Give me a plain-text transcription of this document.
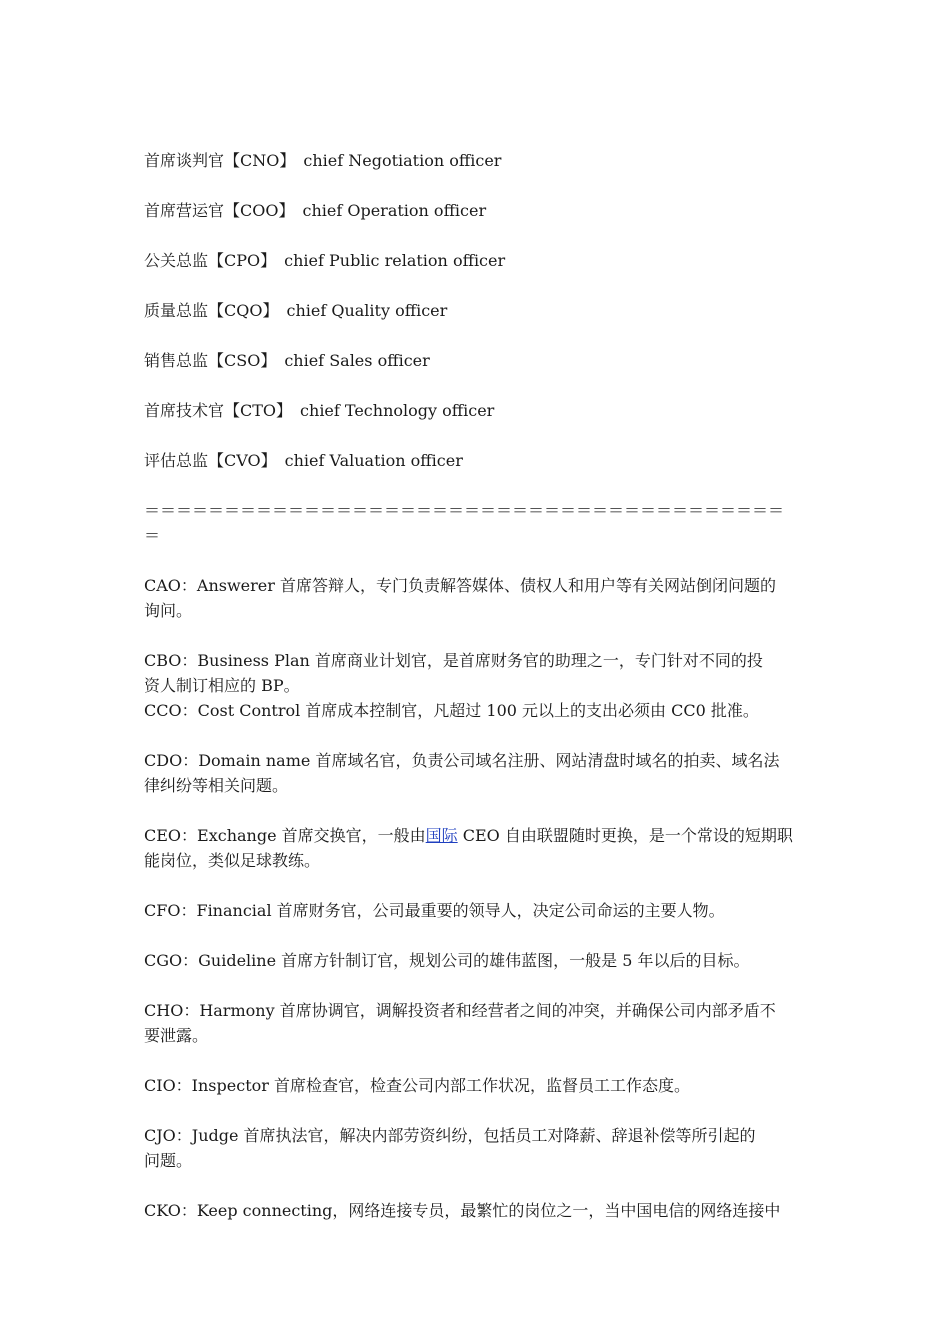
首席谈判官【CNO】 chief Negotiation officer
首席营运官【COO】 chief Operation officer
公关总监【CPO】 chief Public relation officer
质量总监【CQO】 chief Quality officer
销售总监【CSO】 chief Sales officer
首席技术官【CTO】 chief Technology officer
评估总监【CVO】 chief Valuation officer
＝＝＝＝＝＝＝＝＝＝＝＝＝＝＝＝＝＝＝＝＝＝＝＝＝＝＝＝＝＝＝＝＝＝＝＝＝＝＝＝
＝
CAO：Answerer 首席答辩人，专门负责解答媒体、债权人和用户等有关网站倒闭问题的
询问。
CBO：Business Plan 首席商业计划官，是首席财务官的助理之一，专门针对不同的投
资人制订相应的 BP。
CCO：Cost Control 首席成本控制官，凡超过 100 元以上的支出必须由 CC0 批准。
CDO：Domain name 首席域名官，负责公司域名注册、网站清盘时域名的拍卖、域名法
律纠纷等相关问题。
CEO：Exchange 首席交换官，一般由国际 CEO 自由联盟随时更换，是一个常设的短期职
能岗位，类似足球教练。
CFO：Financial 首席财务官，公司最重要的领导人，决定公司命运的主要人物。
CGO：Guideline 首席方针制订官，规划公司的雄伟蓝图，一般是 5 年以后的目标。
CHO：Harmony 首席协调官，调解投资者和经营者之间的冲突，并确保公司内部矛盾不
要泄露。
CIO：Inspector 首席检查官，检查公司内部工作状况，监督员工工作态度。
CJO：Judge 首席执法官，解决内部劳资纠纷，包括员工对降薪、辞退补偿等所引起的
问题。
CKO：Keep connecting，网络连接专员，最繁忙的岗位之一，当中国电信的网络连接中
